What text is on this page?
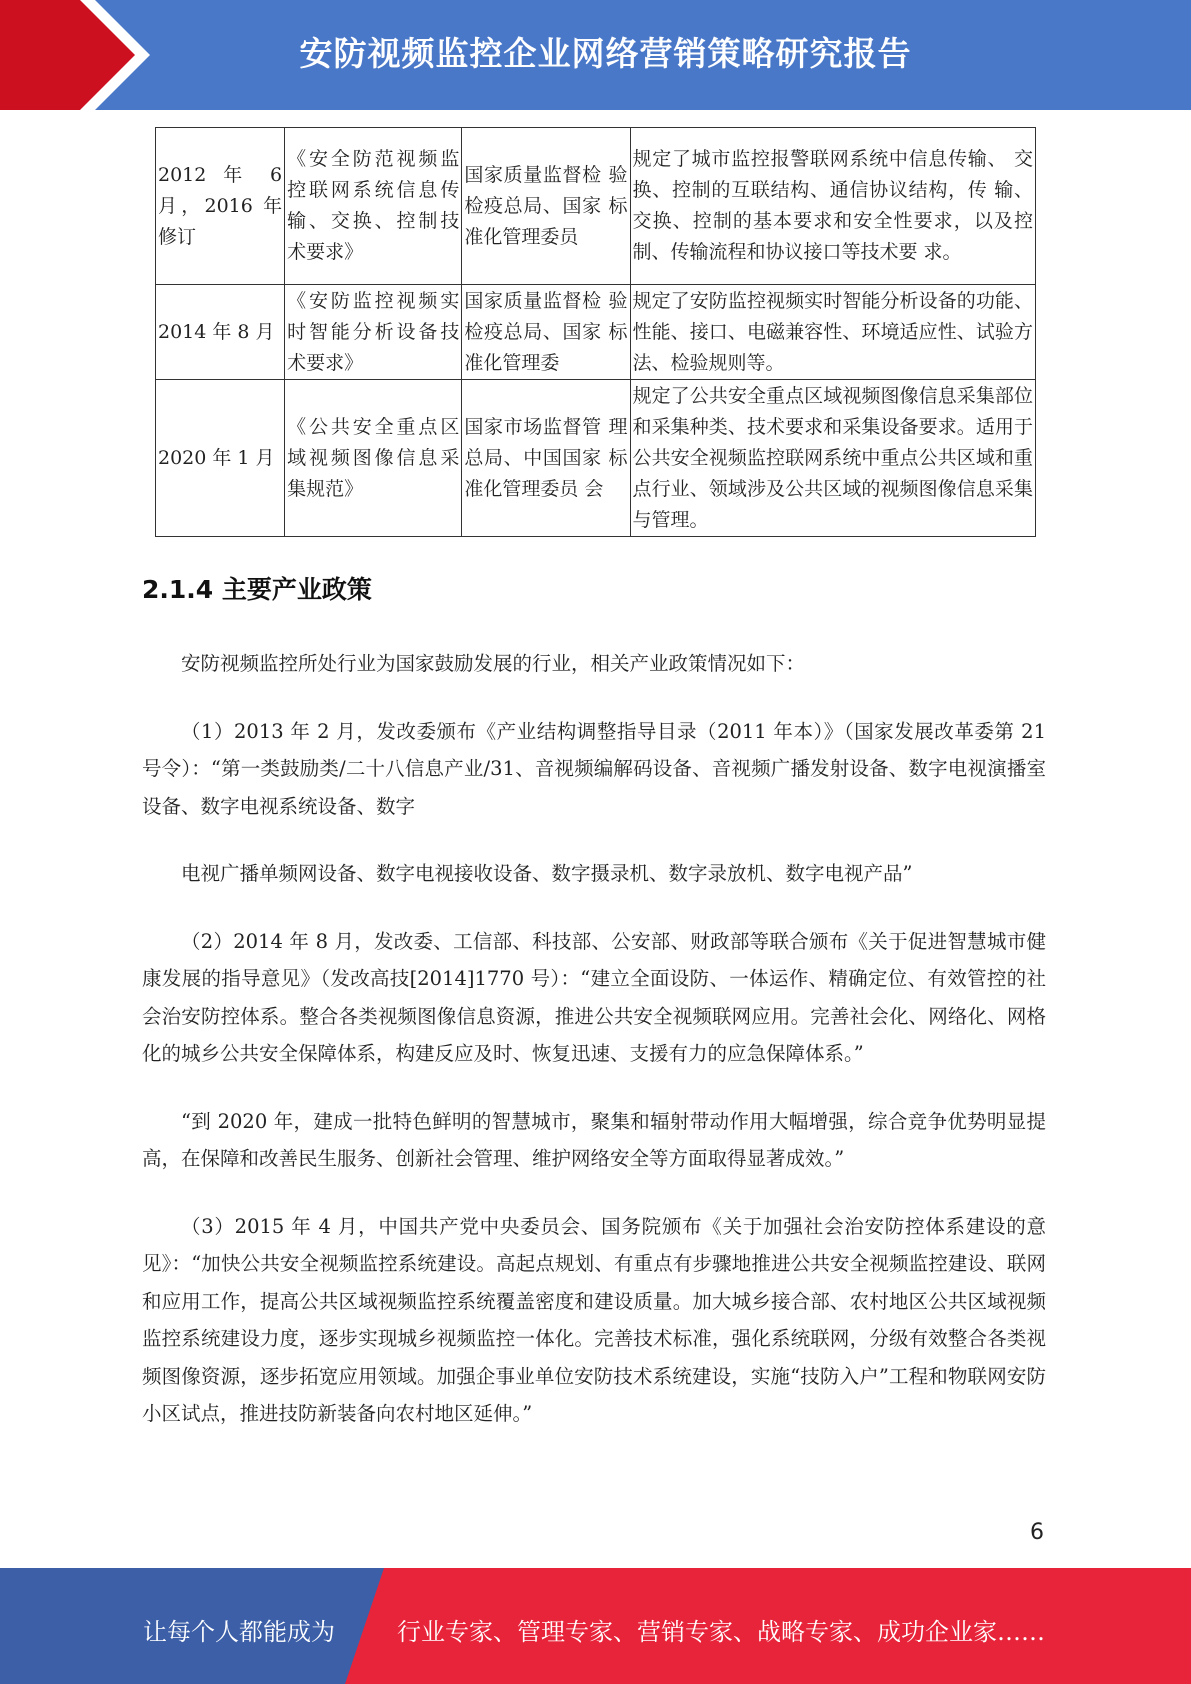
安防视频监控企业网络营销策略研究报告
2012 年 6 月，2016 年修订	《安全防范视频监 控联网系统信息传 输、交换、控制技 术要求》	国家质量监督检 验检疫总局、国家 标准化管理委员	规定了城市监控报警联网系统中信息传输、 交换、控制的互联结构、通信协议结构，传 输、交换、控制的基本要求和安全性要求，以及控制、传输流程和协议接口等技术要 求。
2014 年 8 月	《安防监控视频实 时智能分析设备技 术要求》	国家质量监督检 验检疫总局、国家 标准化管理委	规定了安防监控视频实时智能分析设备的功能、性能、接口、电磁兼容性、环境适应性、试验方法、检验规则等。
2020 年 1 月	《公共安全重点区 域视频图像信息采 集规范》	国家市场监督管 理总局、中国国家 标准化管理委员 会	规定了公共安全重点区域视频图像信息采集部位和采集种类、技术要求和采集设备要求。适用于公共安全视频监控联网系统中重点公共区域和重点行业、领域涉及公共区域的视频图像信息采集与管理。
2.1.4 主要产业政策

安防视频监控所处行业为国家鼓励发展的行业，相关产业政策情况如下：

（1）2013 年 2 月，发改委颁布《产业结构调整指导目录（2011 年本）》（国家发展改革委第 21 号令）：“第一类鼓励类/二十八信息产业/31、音视频编解码设备、音视频广播发射设备、数字电视演播室设备、数字电视系统设备、数字

电视广播单频网设备、数字电视接收设备、数字摄录机、数字录放机、数字电视产品”

（2）2014 年 8 月，发改委、工信部、科技部、公安部、财政部等联合颁布《关于促进智慧城市健康发展的指导意见》（发改高技[2014]1770 号）：“建立全面设防、一体运作、精确定位、有效管控的社会治安防控体系。整合各类视频图像信息资源，推进公共安全视频联网应用。完善社会化、网络化、网格化的城乡公共安全保障体系，构建反应及时、恢复迅速、支援有力的应急保障体系。”

“到 2020 年，建成一批特色鲜明的智慧城市，聚集和辐射带动作用大幅增强，综合竞争优势明显提高，在保障和改善民生服务、创新社会管理、维护网络安全等方面取得显著成效。”

（3）2015 年 4 月，中国共产党中央委员会、国务院颁布《关于加强社会治安防控体系建设的意见》：“加快公共安全视频监控系统建设。高起点规划、有重点有步骤地推进公共安全视频监控建设、联网和应用工作，提高公共区域视频监控系统覆盖密度和建设质量。加大城乡接合部、农村地区公共区域视频监控系统建设力度，逐步实现城乡视频监控一体化。完善技术标准，强化系统联网，分级有效整合各类视频图像资源，逐步拓宽应用领域。加强企事业单位安防技术系统建设，实施“技防入户”工程和物联网安防小区试点，推进技防新装备向农村地区延伸。”

6
让每个人都能成为	行业专家、管理专家、营销专家、战略专家、成功企业家……
